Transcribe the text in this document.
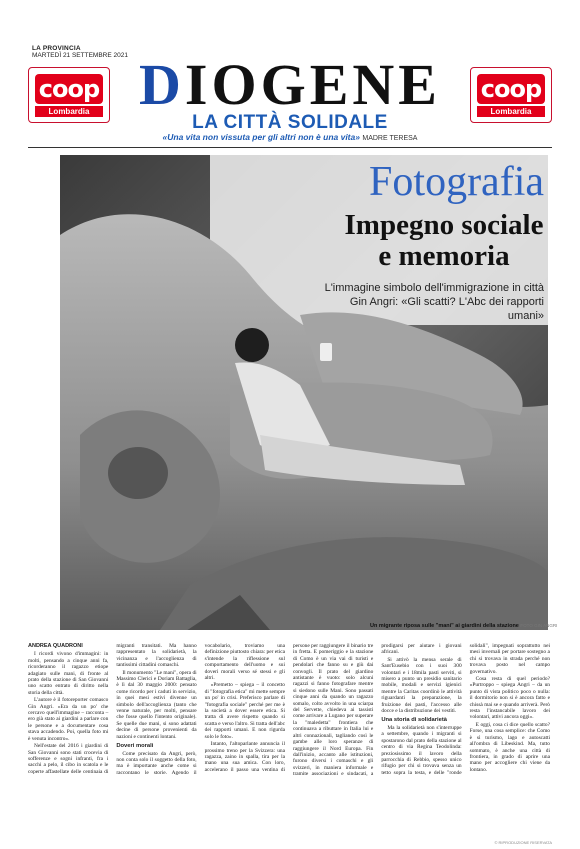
LA PROVINCIA
MARTEDÌ 21 SETTEMBRE 2021
coop
Lombardia
coop
Lombardia
DIOGENE
LA CITTÀ SOLIDALE
«Una vita non vissuta per gli altri non è una vita» MADRE TERESA
Fotografia
Impegno sociale
e memoria
L'immagine simbolo dell'immigrazione in città Gin Angri: «Gli scatti? L'Abc dei rapporti umani»
Un migrante riposa sulle "mani" ai giardini della stazione FOTO GIN ANGRI

ANDREA QUADRONI

I ricordi vivono d'immagini: in molti, pensando a cinque anni fa, ricorderanno il ragazzo etiope adagiato sulle mani, di fronte al prato della stazione di San Giovanni uno scatto entrato di diritto nella storia della città.

L'autore è il fotoreporter comasco Gin Angri. «Era da un po' che cercavo quell'immagine – racconta – ero già stato ai giardini a parlare con le persone e a documentare cosa stava accadendo. Poi, quella foto mi è venuta incontro».

Nell'estate del 2016 i giardini di San Giovanni sono stati crocevia di sofferenze e sogni infranti, fra i sacchi a pelo, il cibo in scatola e le coperte affastellate delle centinaia di migranti transitati. Ma hanno rappresentato la solidarietà, la vicinanza e l'accoglienza di tantissimi cittadini comaschi.

Il monumento "Le mani", opera di Massimo Clerici e Doriam Battaglia, è lì dal 30 maggio 2000: pensato come ricordo per i caduti in servizio, in quei mesi estivi divenne un simbolo dell'accoglienza (tanto che venne naturale, per molti, pensare che fosse quello l'intento originale). Se quelle due mani, si sono adattati decine di persone provenienti da nazioni e continenti lontani.

Doveri morali

Come precisato da Angri, però, non conta solo il soggetto della foto, ma è importante anche come si raccontano le storie. Agendo il vocabolario, troviamo una definizione piuttosto chiara: per etica s'intende la riflessione sul comportamento dell'uomo e sui doveri morali verso sé stessi e gli altri.

«Premetto – spiega – il concetto di "fotografia etica" mi mette sempre un po' in crisi. Preferisco parlare di "fotografia sociale" perché per me è la società a dover essere etica. Si tratta di avere rispetto quando si scatta e verso l'altro. Si tratta dell'abc dei rapporti umani. E non rigurda solo le foto».

Intanto, l'altoparlante annuncia il prossimo treno per la Svizzera: una ragazza, zaino in spalla, tira per la mano una sua amica. Con loro, accelerano il passo una ventina di persone per raggiungere il binario tre in fretta. E pomeriggio e la stazione di Como è un via vai di turisti e pendolari che fanno su e giù dai convogli. Il prato del giardino antistante è vuoto: solo alcuni ragazzi si fanno fotografare mentre si siedono sulle Mani. Sono passati cinque anni da quando un ragazzo somalo, colto avvolto in una sciarpa del Servette, chiedeva ai tassisti come arrivare a Lugano per superare la "maledetta" frontiera che continuava a ributtare in Italia lui e altri connazionali, tagliando così le gambe alle loro speranze di raggiungere il Nord Europa. Fin dall'inizio, accanto alle istituzioni, furono diversi i comaschi e gli svizzeri, in maniera informale e tramite associazioni e sindacati, a prodigarsi per aiutare i giovani africani.

Si attivò la mensa serale di Sant'Eusebio con i suoi 300 volontari e i 18mila pasti serviti, si misero a punto un presidio sanitario mobile, modali e servizi igienici mentre la Caritas coordinò le attività riguardanti la preparazione, la fruizione dei pasti, l'accesso alle docce e la distribuzione dei vestiti.

Una storia di solidarietà

Ma la solidarietà non s'interruppe a settembre, quando i migranti si spostarono dal prato della stazione al centro di via Regina Teodolinda: preziosissimo il lavoro della parrocchia di Rebbio, spesso unico rifugio per chi si trovava senza un tetto sopra la testa, e delle "ronde solidali", impegnati soprattutto nei mesi invernali per portare sostegno a chi si trovava in strada perché non trovava posto nel campo governativo.

Cosa resta di quel periodo? «Purtroppo – spiega Angri – da un punto di vista politico poco o nulla: il dormitorio non si è ancora fatto e chissà mai se e quando arriverà. Però resta l'instancabile lavoro dei volontari, attivi ancora oggi».

E oggi, cosa ci dice quello scatto? Forse, una cosa semplice: che Como è sì turismo, lago e autoscatti all'ombra di Libeskind. Ma, tutto sommato, è anche una città di frontiera, in grado di aprire una mano per accogliere chi viene da lontano.

© RIPRODUZIONE RISERVATA
